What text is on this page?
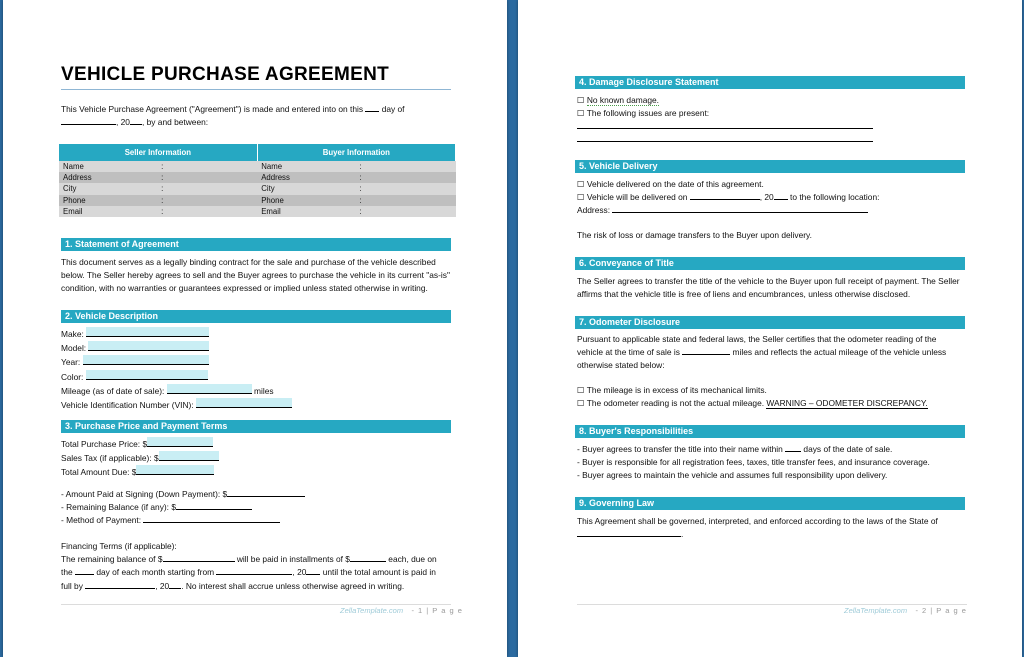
VEHICLE PURCHASE AGREEMENT
This Vehicle Purchase Agreement ("Agreement") is made and entered into on this day of
, 20 , by and between:
Seller Information		Buyer Information	
Name	:	Name	:
Address	:	Address	:
City	:	City	:
Phone	:	Phone	:
Email	:	Email	:
1. Statement of Agreement
This document serves as a legally binding contract for the sale and purchase of the vehicle described
below. The Seller hereby agrees to sell and the Buyer agrees to purchase the vehicle in its current "as-is"
condition, with no warranties or guarantees expressed or implied unless stated otherwise in writing.
2. Vehicle Description
Make:
Model:
Year:
Color:
Mileage (as of date of sale):	miles
Vehicle Identification Number (VIN):
3. Purchase Price and Payment Terms
Total Purchase Price: $
Sales Tax (if applicable): $
Total Amount Due: $
- Amount Paid at Signing (Down Payment): $
- Remaining Balance (if any): $
- Method of Payment:
Financing Terms (if applicable):
The remaining balance of $	will be paid in installments of $	each, due on
the	day of each month starting from	, 20 until the total amount is paid in
full by	, 20 . No interest shall accrue unless otherwise agreed in writing.
ZellaTemplate.com - 1 | P a g e
4. Damage Disclosure Statement
☐ No known damage.
☐ The following issues are present:
5. Vehicle Delivery
☐ Vehicle delivered on the date of this agreement.
☐ Vehicle will be delivered on	, 20 to the following location:
Address:
The risk of loss or damage transfers to the Buyer upon delivery.
6. Conveyance of Title
The Seller agrees to transfer the title of the vehicle to the Buyer upon full receipt of payment. The Seller
affirms that the vehicle title is free of liens and encumbrances, unless otherwise disclosed.
7. Odometer Disclosure
Pursuant to applicable state and federal laws, the Seller certifies that the odometer reading of the
vehicle at the time of sale is	miles and reflects the actual mileage of the vehicle unless
otherwise stated below:
☐ The mileage is in excess of its mechanical limits.
☐ The odometer reading is not the actual mileage. WARNING – ODOMETER DISCREPANCY.
8. Buyer's Responsibilities
- Buyer agrees to transfer the title into their name within days of the date of sale.
- Buyer is responsible for all registration fees, taxes, title transfer fees, and insurance coverage.
- Buyer agrees to maintain the vehicle and assumes full responsibility upon delivery.
9. Governing Law
This Agreement shall be governed, interpreted, and enforced according to the laws of the State of
.
ZellaTemplate.com - 2 | P a g e
